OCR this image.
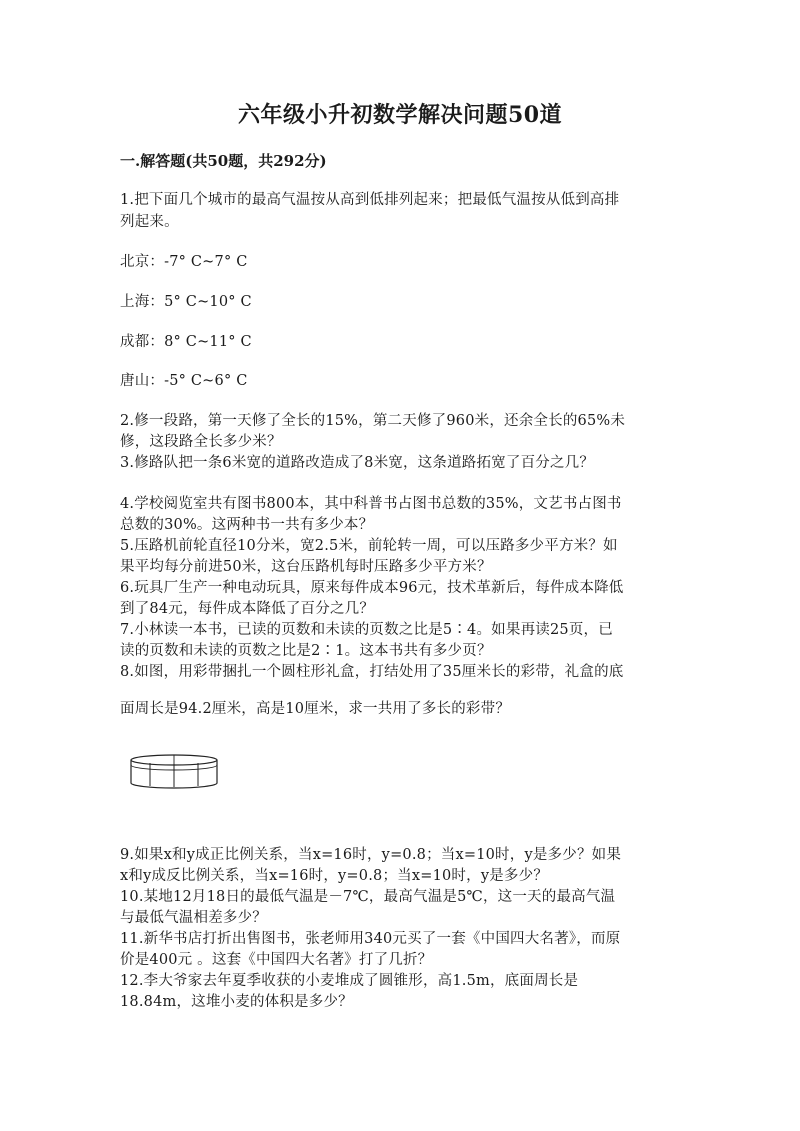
六年级小升初数学解决问题50道
一.解答题(共50题，共292分)
1.把下面几个城市的最高气温按从高到低排列起来；把最低气温按从低到高排
列起来。
北京：-7° C~7° C
上海：5° C~10° C
成都：8° C~11° C
唐山：-5° C~6° C
2.修一段路，第一天修了全长的15%，第二天修了960米，还余全长的65%未
修，这段路全长多少米？
3.修路队把一条6米宽的道路改造成了8米宽，这条道路拓宽了百分之几？
4.学校阅览室共有图书800本，其中科普书占图书总数的35%，文艺书占图书
总数的30%。这两种书一共有多少本？
5.压路机前轮直径10分米，宽2.5米，前轮转一周，可以压路多少平方米？如
果平均每分前进50米，这台压路机每时压路多少平方米？
6.玩具厂生产一种电动玩具，原来每件成本96元，技术革新后，每件成本降低
到了84元，每件成本降低了百分之几？
7.小林读一本书，已读的页数和未读的页数之比是5∶4。如果再读25页，已
读的页数和未读的页数之比是2∶1。这本书共有多少页？
8.如图，用彩带捆扎一个圆柱形礼盒，打结处用了35厘米长的彩带，礼盒的底
面周长是94.2厘米，高是10厘米，求一共用了多长的彩带？
9.如果x和y成正比例关系，当x=16时，y=0.8；当x=10时，y是多少？如果
x和y成反比例关系，当x=16时，y=0.8；当x=10时，y是多少？
10.某地12月18日的最低气温是－7℃，最高气温是5℃，这一天的最高气温
与最低气温相差多少？
11.新华书店打折出售图书，张老师用340元买了一套《中国四大名著》，而原
价是400元 。这套《中国四大名著》打了几折？
12.李大爷家去年夏季收获的小麦堆成了圆锥形，高1.5m，底面周长是
18.84m，这堆小麦的体积是多少？
